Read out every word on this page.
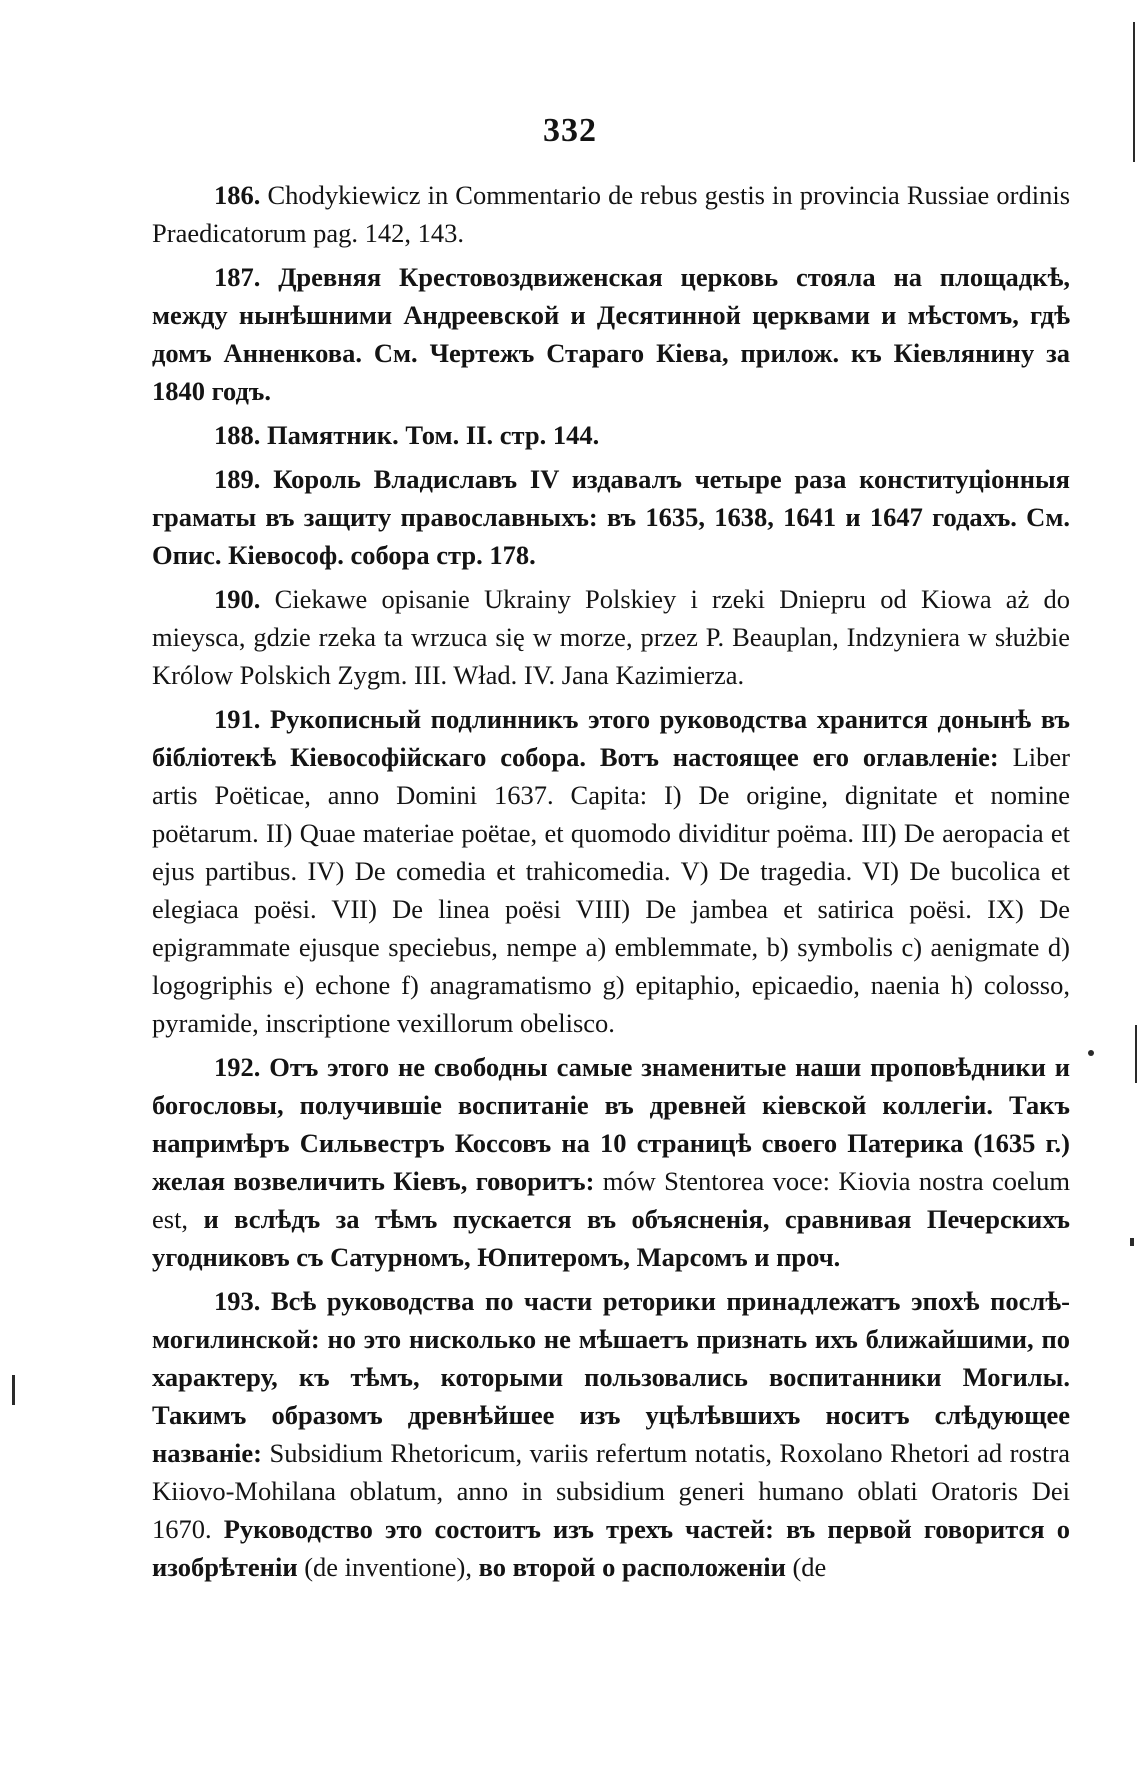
332

186. Chodykiewicz in Commentario de rebus gestis in provincia Russiae ordinis Praedicatorum pag. 142, 143.

187. Древняя Крестовоздвиженская церковь стояла на площадкѣ, между нынѣшними Андреевской и Десятинной церквами и мѣстомъ, гдѣ домъ Анненкова. См. Чертежъ Стараго Кіева, прилож. къ Кіевлянину за 1840 годъ.

188. Памятник. Том. II. стр. 144.

189. Король Владиславъ IV издавалъ четыре раза конституціонныя граматы въ защиту православныхъ: въ 1635, 1638, 1641 и 1647 годахъ. См. Опис. Кіевософ. собора стр. 178.

190. Ciekawe opisanie Ukrainy Polskiey i rzeki Dniepru od Kiowa aż do mieysca, gdzie rzeka ta wrzuca się w morze, przez P. Beauplan, Indzyniera w służbie Królow Polskich Zygm. III. Wład. IV. Jana Kazimierza.

191. Рукописный подлинникъ этого руководства хранится донынѣ въ бібліотекѣ Кіевософійскаго собора. Вотъ настоящее его оглавленіе: Liber artis Poëticae, anno Domini 1637. Capita: I) De origine, dignitate et nomine poëtarum. II) Quae materiae poëtae, et quomodo dividitur poëma. III) De aeropacia et ejus partibus. IV) De comedia et trahicomedia. V) De tragedia. VI) De bucolica et elegiaca poësi. VII) De linea poësi VIII) De jambea et satirica poësi. IX) De epigrammate ejusque speciebus, nempe a) emblemmate, b) symbolis c) aenigmate d) logogriphis e) echone f) anagramatismo g) epitaphio, epicaedio, naenia h) colosso, pyramide, inscriptione vexillorum obelisco.

192. Отъ этого не свободны самые знаменитые наши проповѣдники и богословы, получившіе воспитаніе въ древней кіевской коллегіи. Такъ напримѣръ Сильвестръ Коссовъ на 10 страницѣ своего Патерика (1635 г.) желая возвеличить Кіевъ, говоритъ: mów Stentorea voce: Kiovia nostra coelum est, и вслѣдъ за тѣмъ пускается въ объясненія, сравнивая Печерскихъ угодниковъ съ Сатурномъ, Юпитеромъ, Марсомъ и проч.

193. Всѣ руководства по части реторики принадлежатъ эпохѣ послѣ-могилинской: но это нисколько не мѣшаетъ признать ихъ ближайшими, по характеру, къ тѣмъ, которыми пользовались воспитанники Могилы. Такимъ образомъ древнѣйшее изъ уцѣлѣвшихъ носитъ слѣдующее названіе: Subsidium Rhetoricum, variis refertum notatis, Roxolano Rhetori ad rostra Kiiovo-Mohilana oblatum, anno in subsidium generi humano oblati Oratoris Dei 1670. Руководство это состоитъ изъ трехъ частей: въ первой говорится о изобрѣтеніи (de inventione), во второй о расположеніи (de
